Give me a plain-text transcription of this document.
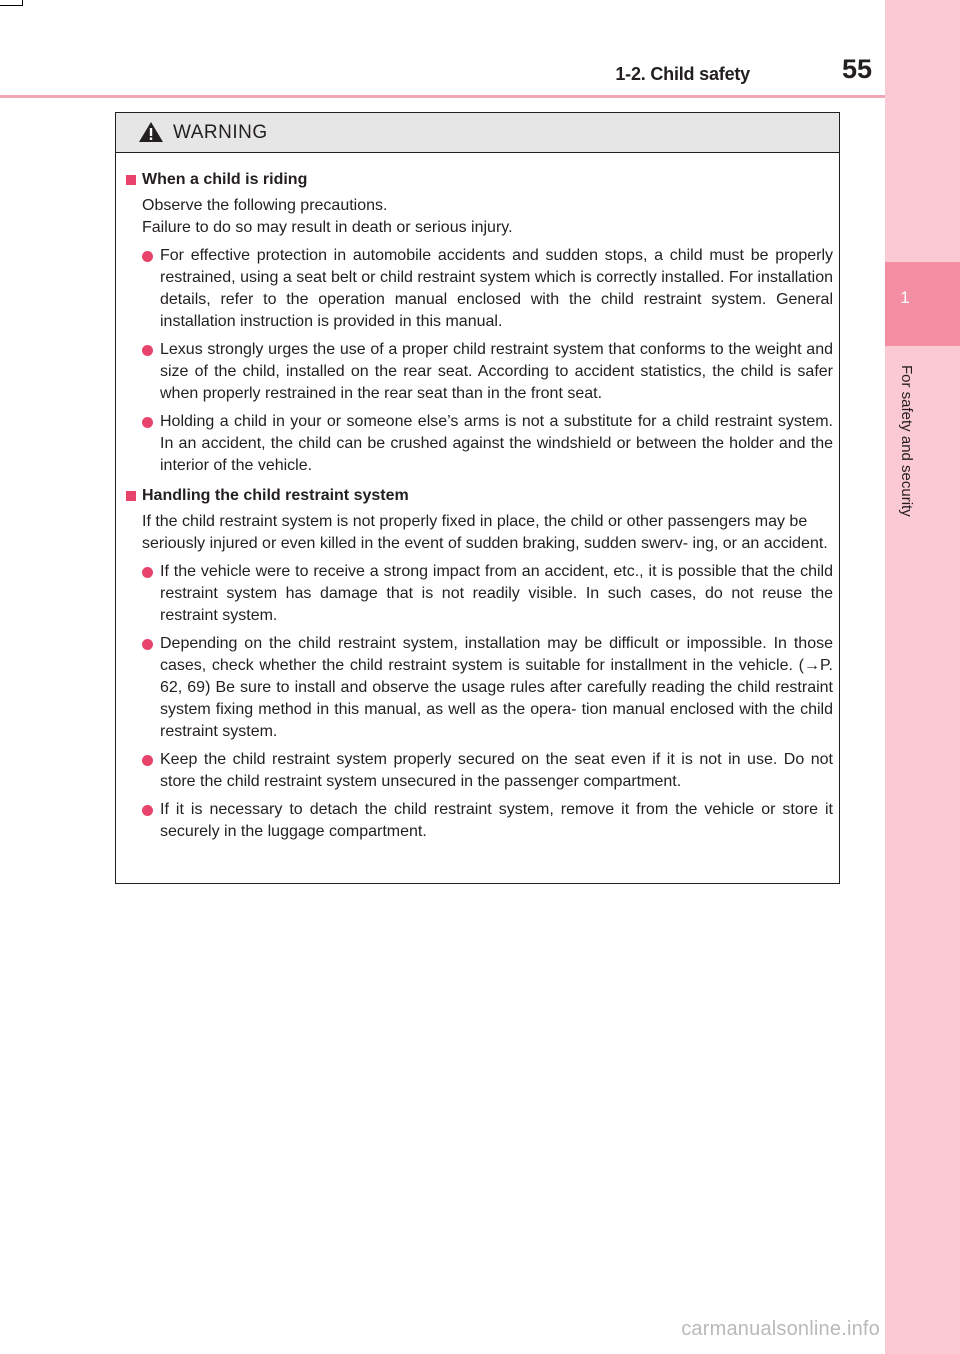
1-2. Child safety	55
1
For safety and security
WARNING
When a child is riding

Observe the following precautions.

Failure to do so may result in death or serious injury.

For effective protection in automobile accidents and sudden stops, a child must be properly restrained, using a seat belt or child restraint system which is correctly installed. For installation details, refer to the operation manual enclosed with the child restraint system. General installation instruction is provided in this manual.
Lexus strongly urges the use of a proper child restraint system that conforms to the weight and size of the child, installed on the rear seat. According to accident statistics, the child is safer when properly restrained in the rear seat than in the front seat.
Holding a child in your or someone else’s arms is not a substitute for a child restraint system. In an accident, the child can be crushed against the windshield or between the holder and the interior of the vehicle.
Handling the child restraint system

If the child restraint system is not properly fixed in place, the child or other passengers may be seriously injured or even killed in the event of sudden braking, sudden swerv- ing, or an accident.

If the vehicle were to receive a strong impact from an accident, etc., it is possible that the child restraint system has damage that is not readily visible. In such cases, do not reuse the restraint system.
Depending on the child restraint system, installation may be difficult or impossible. In those cases, check whether the child restraint system is suitable for installment in the vehicle. (→P. 62, 69) Be sure to install and observe the usage rules after carefully reading the child restraint system fixing method in this manual, as well as the opera- tion manual enclosed with the child restraint system.
Keep the child restraint system properly secured on the seat even if it is not in use. Do not store the child restraint system unsecured in the passenger compartment.
If it is necessary to detach the child restraint system, remove it from the vehicle or store it securely in the luggage compartment.
carmanualsonline.info
